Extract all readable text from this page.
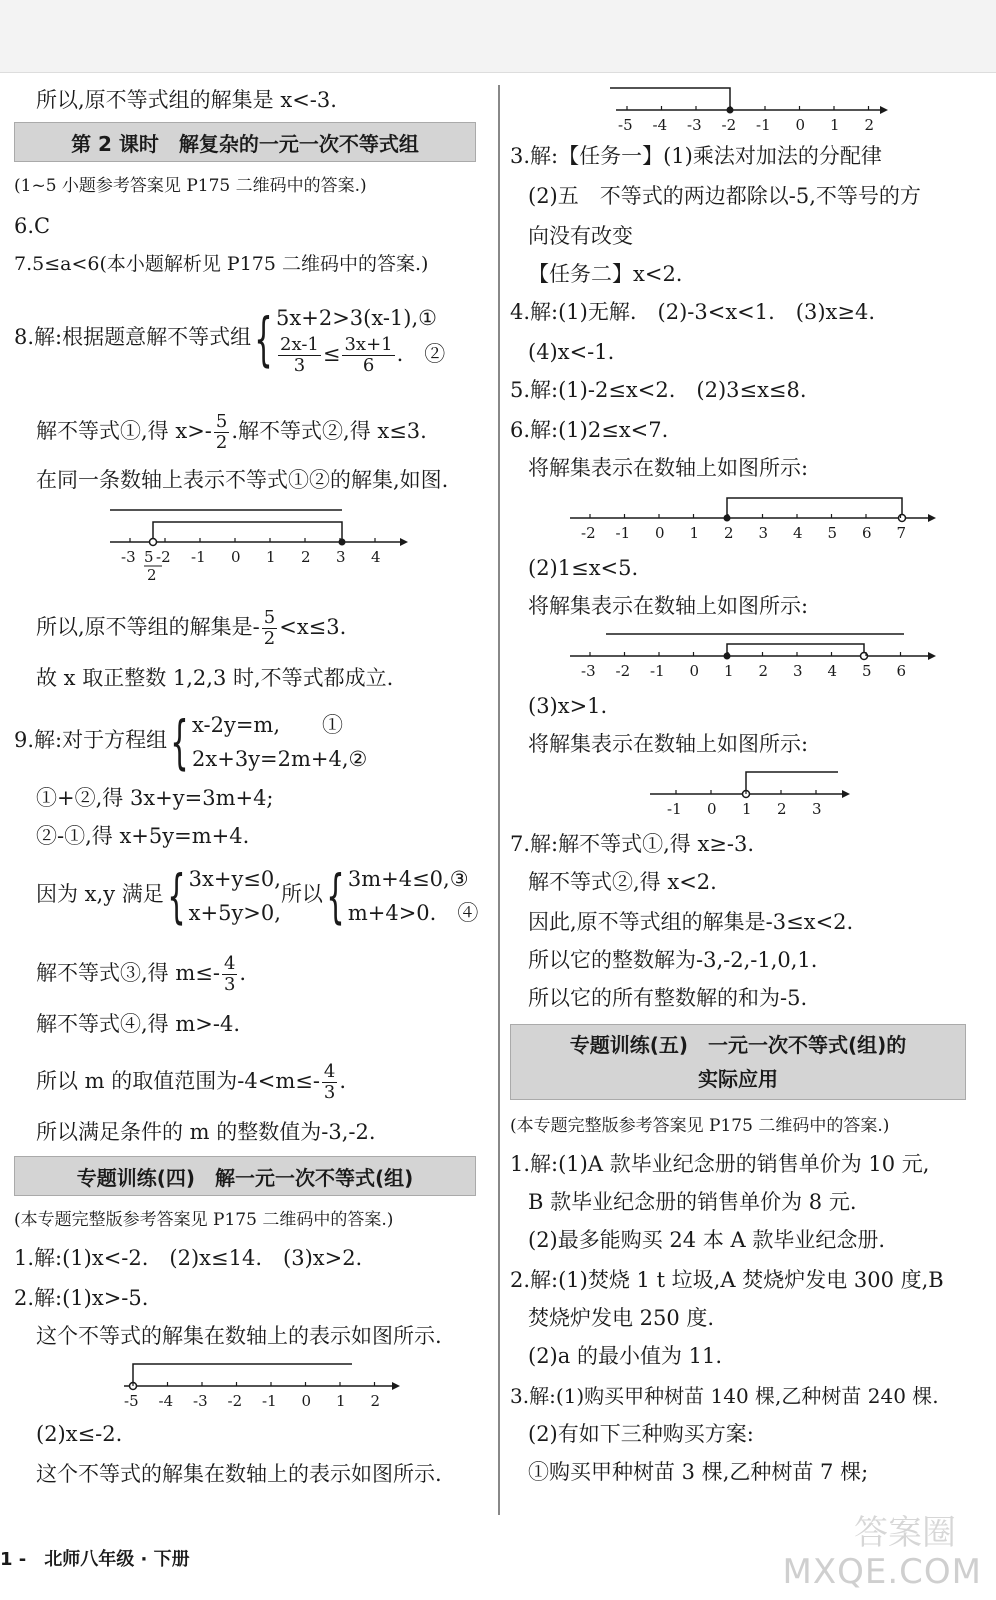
所以,原不等式组的解集是 x<-3.
第 2 课时　解复杂的一元一次不等式组
(1~5 小题参考答案见 P175 二维码中的答案.)
6.C
7.5≤a<6(本小题解析见 P175 二维码中的答案.)
8.解:根据题意解不等式组{ 5x+2>3(x-1),①
$\frac{2x-1}{3} \le \frac{3x+1}{6}$ .　②
解不等式①,得 $x>- \frac{5}{2}$ .解不等式②,得 x≤3.
在同一条数轴上表示不等式①②的解集,如图.
-3 -2 -1 0 1 2 3 4
5
2
所以,原不等组的解集是- $\frac{5}{2} <x\le 3$.
故 x 取正整数 1,2,3 时,不等式都成立.
9.解:对于方程组{ x-2y=m,　　①
2x+3y=2m+4,②
①+②,得 3x+y=3m+4;
②-①,得 x+5y=m+4.
因为 x,y 满足{ 3x+y≤0,
x+5y>0,
所以{ 3m+4≤0,③
m+4>0.　④
解不等式③,得 $m\le- \frac{4}{3}$ .
解不等式④,得 m>-4.
所以 m 的取值范围为$-4<m\le- \frac{4}{3}$ .
所以满足条件的 m 的整数值为-3,-2.
专题训练(四)　解一元一次不等式(组)
(本专题完整版参考答案见 P175 二维码中的答案.)
1.解:(1)x<-2.　(2)x≤14.　(3)x>2.
2.解:(1)x>-5.
这个不等式的解集在数轴上的表示如图所示.
-5 -4 -3 -2 -1 0 1 2
(2)x≤-2.
这个不等式的解集在数轴上的表示如图所示.
-5 -4 -3 -2 -1 0 1 2
3.解:【任务一】(1)乘法对加法的分配律
(2)五　不等式的两边都除以-5,不等号的方
向没有改变
【任务二】x<2.
4.解:(1)无解.　(2)-3<x<1.　(3)x≥4.
(4)x<-1.
5.解:(1)-2≤x<2.　(2)3≤x≤8.
6.解:(1)2≤x<7.
将解集表示在数轴上如图所示:
-2 -1 0 1 2 3 4 5 6 7
(2)1≤x<5.
将解集表示在数轴上如图所示:
-3 -2 -1 0 1 2 3 4 5 6
(3)x>1.
将解集表示在数轴上如图所示:
-1 0 1 2 3
7.解:解不等式①,得 x≥-3.
解不等式②,得 x<2.
因此,原不等式组的解集是-3≤x<2.
所以它的整数解为-3,-2,-1,0,1.
所以它的所有整数解的和为-5.
专题训练(五)　一元一次不等式(组)的
实际应用
(本专题完整版参考答案见 P175 二维码中的答案.)
1.解:(1)A 款毕业纪念册的销售单价为 10 元,
B 款毕业纪念册的销售单价为 8 元.
(2)最多能购买 24 本 A 款毕业纪念册.
2.解:(1)焚烧 1 t 垃圾,A 焚烧炉发电 300 度,B
焚烧炉发电 250 度.
(2)a 的最小值为 11.
3.解:(1)购买甲种树苗 140 棵,乙种树苗 240 棵.
(2)有如下三种购买方案:
①购买甲种树苗 3 棵,乙种树苗 7 棵;
1 -　北师八年级 · 下册
答案圈
MXQE.COM
